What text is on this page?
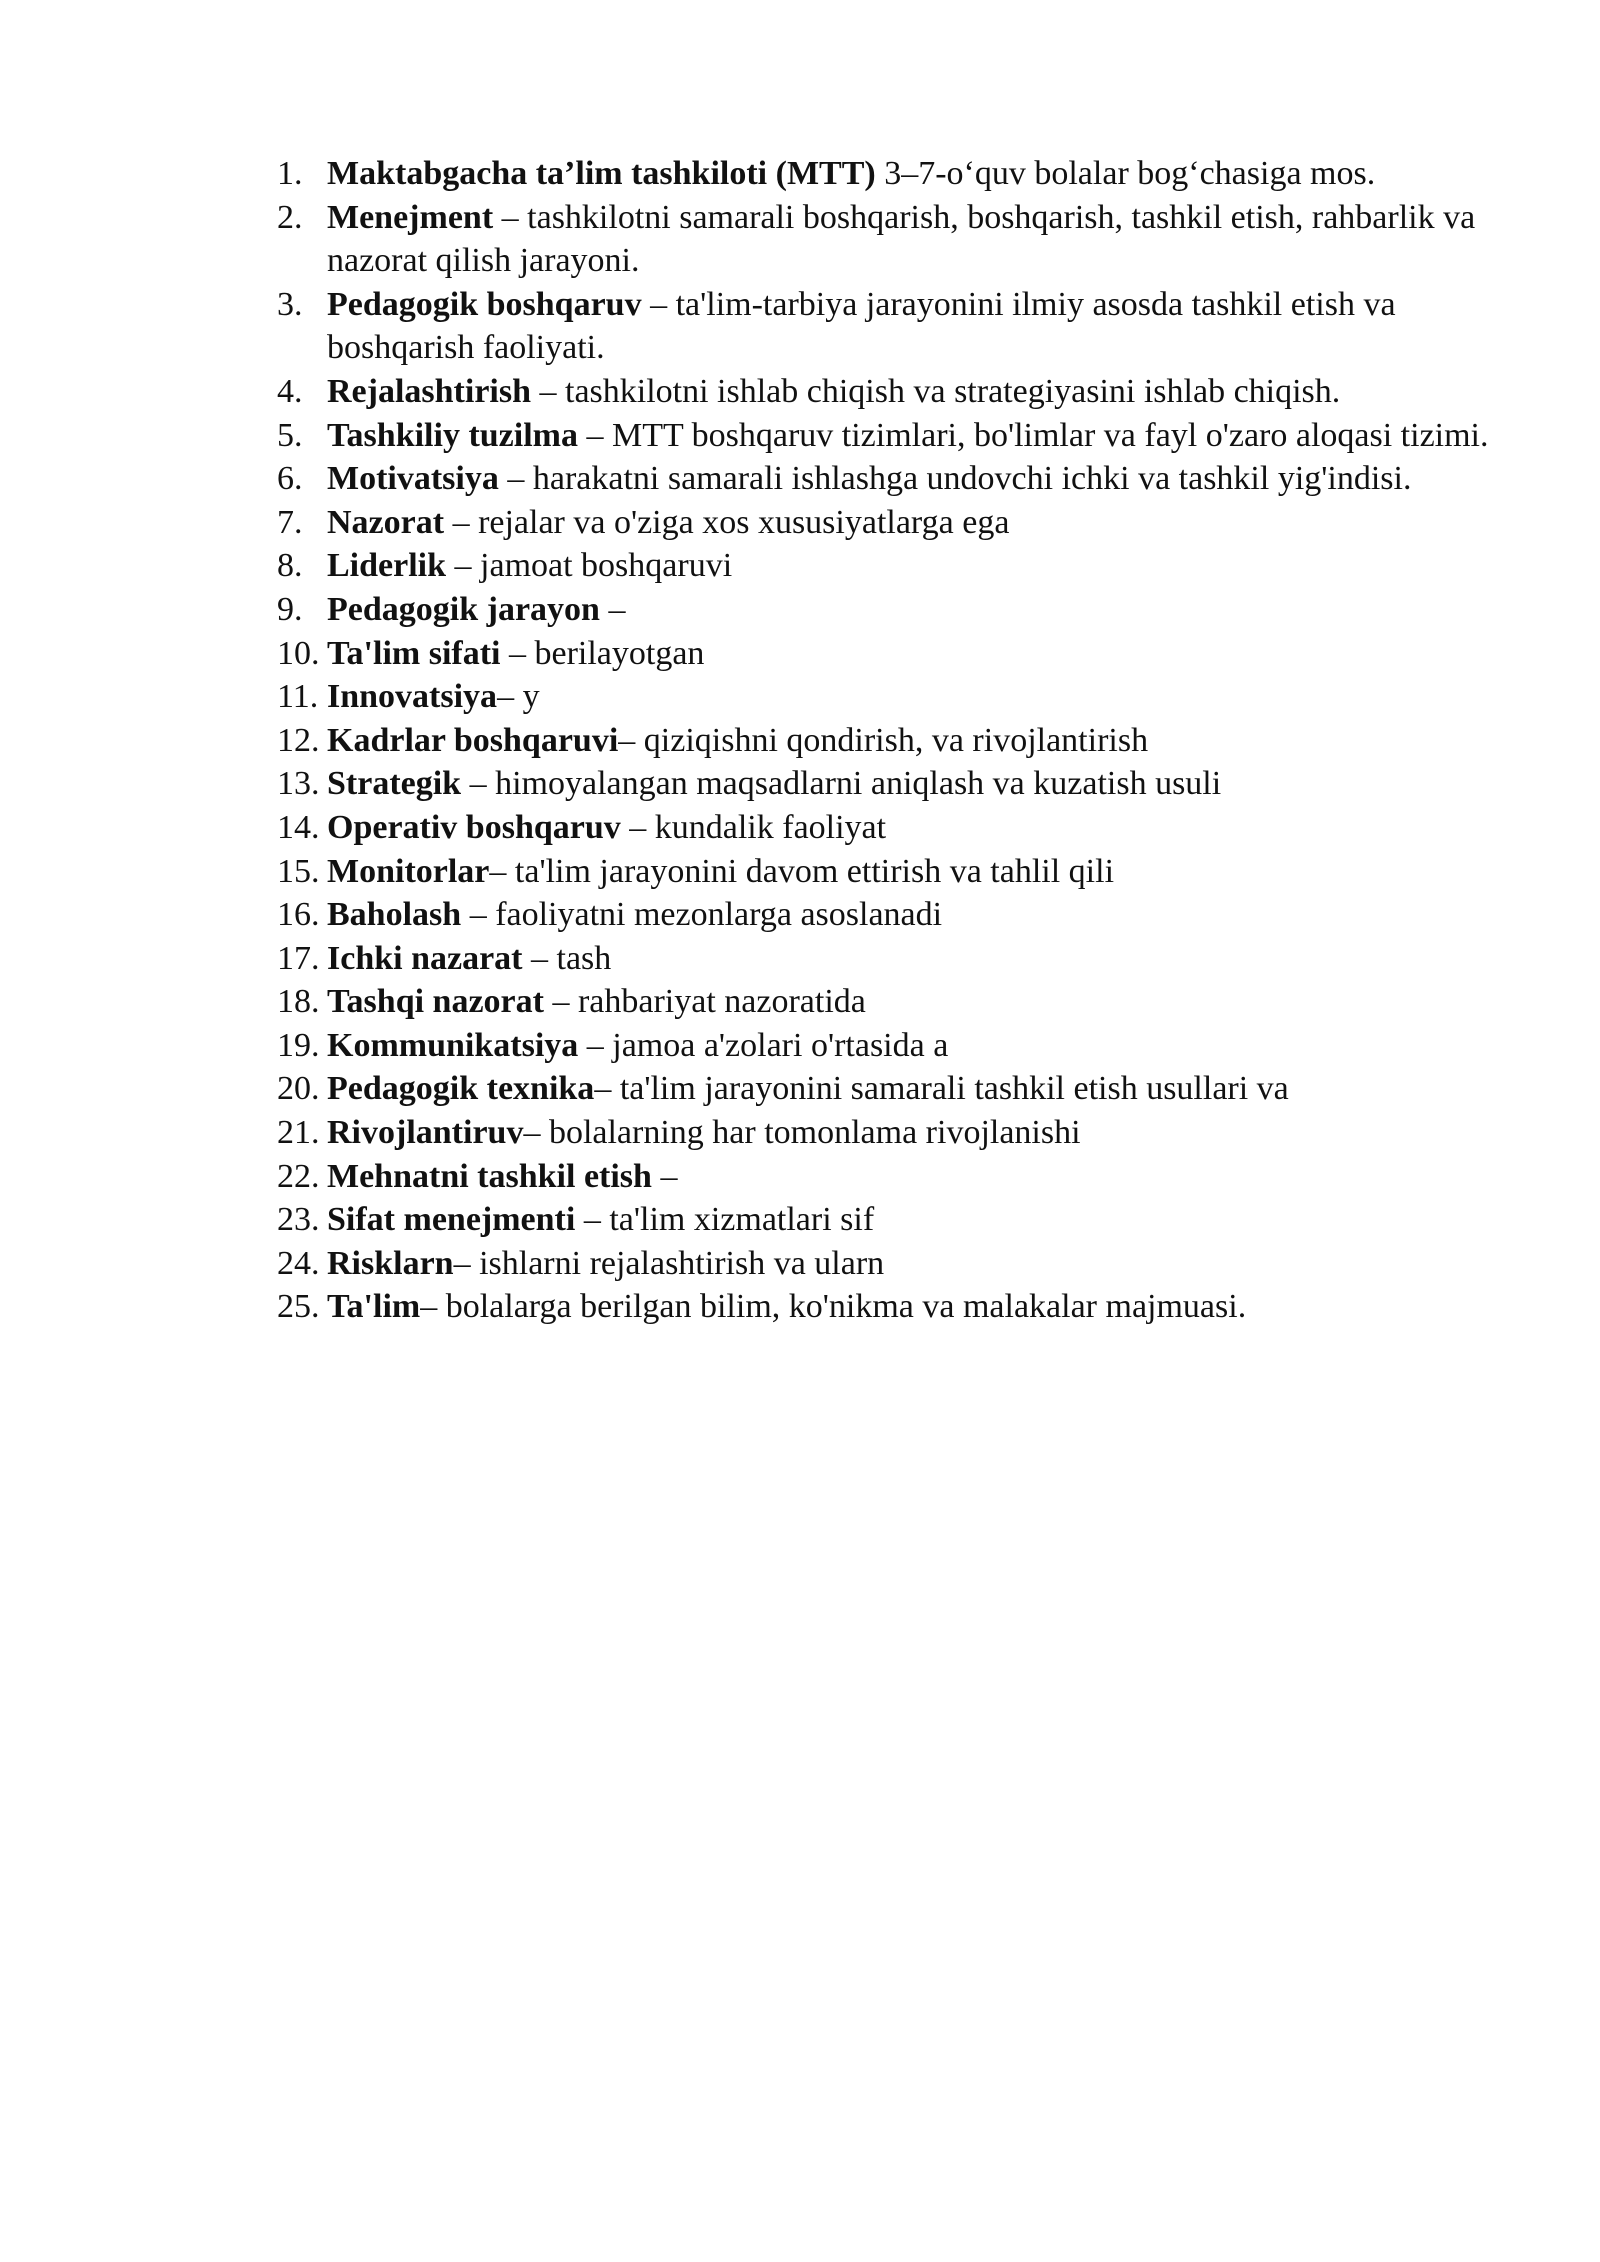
1. Maktabgacha ta’lim tashkiloti (MTT) 3–7-o‘quv bolalar bog‘chasiga mos.
2. Menejment – tashkilotni samarali boshqarish, boshqarish, tashkil etish, rahbarlik va nazorat qilish jarayoni.
3. Pedagogik boshqaruv – ta'lim-tarbiya jarayonini ilmiy asosda tashkil etish va boshqarish faoliyati.
4. Rejalashtirish – tashkilotni ishlab chiqish va strategiyasini ishlab chiqish.
5. Tashkiliy tuzilma – MTT boshqaruv tizimlari, bo'limlar va fayl o'zaro aloqasi tizimi.
6. Motivatsiya – harakatni samarali ishlashga undovchi ichki va tashkil yig'indisi.
7. Nazorat – rejalar va o'ziga xos xususiyatlarga ega
8. Liderlik – jamoat boshqaruvi
9. Pedagogik jarayon –
10. Ta'lim sifati – berilayotgan
11. Innovatsiya– y
12. Kadrlar boshqaruvi– qiziqishni qondirish, va rivojlantirish
13. Strategik – himoyalangan maqsadlarni aniqlash va kuzatish usuli
14. Operativ boshqaruv – kundalik faoliyat
15. Monitorlar– ta'lim jarayonini davom ettirish va tahlil qili
16. Baholash – faoliyatni mezonlarga asoslanadi
17. Ichki nazarat – tash
18. Tashqi nazorat – rahbariyat nazoratida
19. Kommunikatsiya – jamoa a'zolari o'rtasida a
20. Pedagogik texnika– ta'lim jarayonini samarali tashkil etish usullari va
21. Rivojlantiruv– bolalarning har tomonlama rivojlanishi
22. Mehnatni tashkil etish –
23. Sifat menejmenti – ta'lim xizmatlari sif
24. Risklarn– ishlarni rejalashtirish va ularn
25. Ta'lim– bolalarga berilgan bilim, ko'nikma va malakalar majmuasi.
